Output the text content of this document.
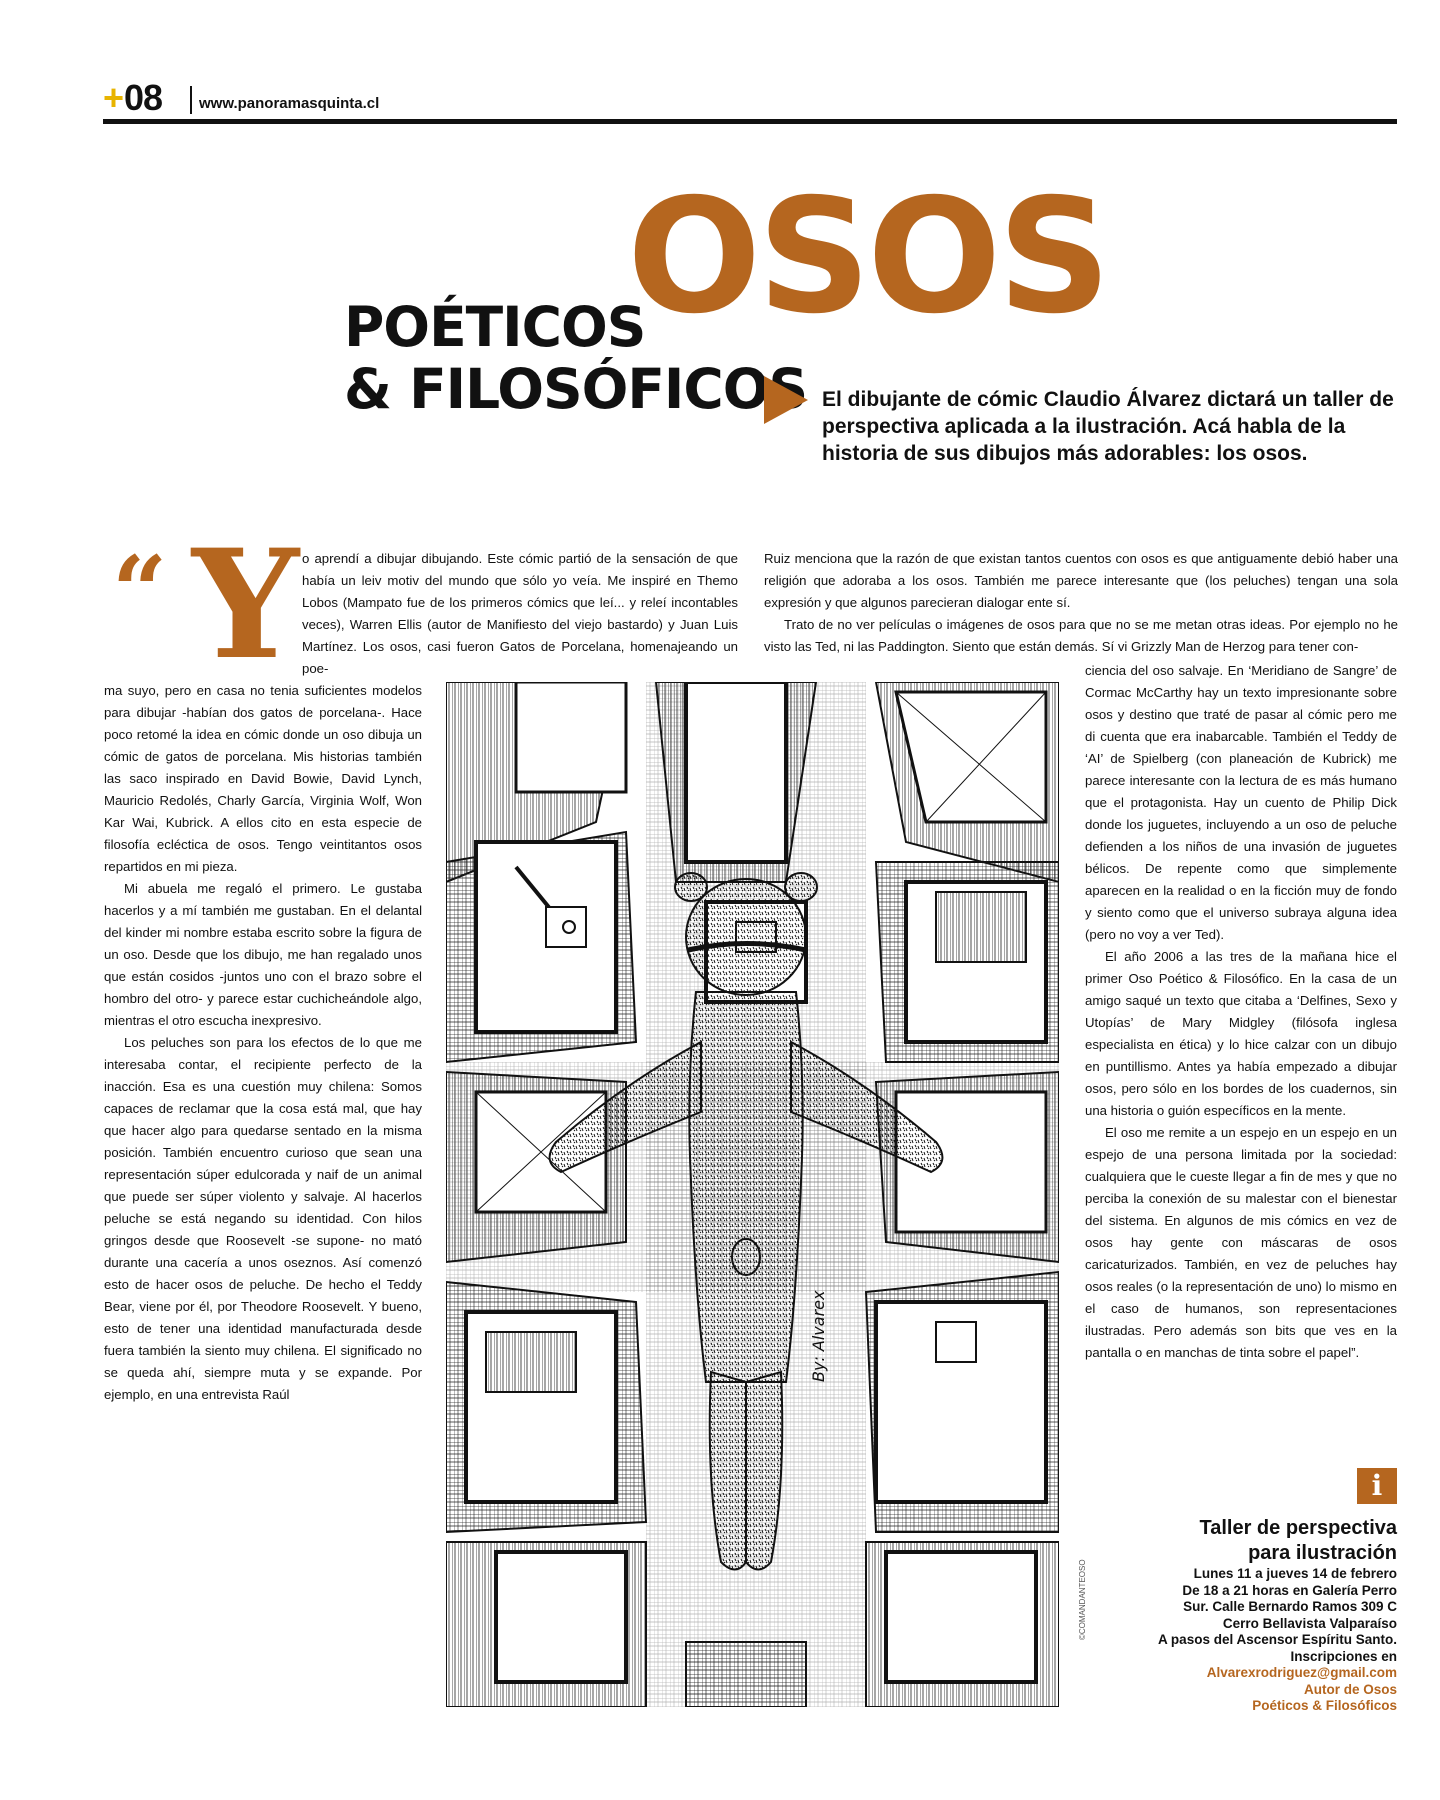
+ 08 www.panoramasquinta.cl
OSOS
POÉTICOS
& FILOSÓFICOS El dibujante de cómic Claudio Álvarez dictará un taller de perspectiva aplicada a la ilustración. Acá habla de la historia de sus dibujos más adorables: los osos.
“ Y o aprendí a dibujar dibujando. Este cómic partió de la sensación de que había un leiv motiv del mundo que sólo yo veía. Me inspiré en Themo Lobos (Mampato fue de los primeros cómics que leí... y releí incontables veces), Warren Ellis (autor de Manifiesto del viejo bastardo) y Juan Luis Martínez. Los osos, casi fueron Gatos de Porcelana, homenajeando un poe-

ma suyo, pero en casa no tenia suficientes modelos para dibujar -habían dos gatos de porcelana-. Hace poco retomé la idea en cómic donde un oso dibuja un cómic de gatos de porcelana. Mis historias también las saco inspirado en David Bowie, David Lynch, Mauricio Redolés, Charly García, Virginia Wolf, Won Kar Wai, Kubrick. A ellos cito en esta especie de filosofía ecléctica de osos. Tengo veintitantos osos repartidos en mi pieza.

Mi abuela me regaló el primero. Le gustaba hacerlos y a mí también me gustaban. En el delantal del kinder mi nombre estaba escrito sobre la figura de un oso. Desde que los dibujo, me han regalado unos que están cosidos -juntos uno con el brazo sobre el hombro del otro- y parece estar cuchicheándole algo, mientras el otro escucha inexpresivo.

Los peluches son para los efectos de lo que me interesaba contar, el recipiente perfecto de la inacción. Esa es una cuestión muy chilena: Somos capaces de reclamar que la cosa está mal, que hay que hacer algo para quedarse sentado en la misma posición. También encuentro curioso que sean una representación súper edulcorada y naif de un animal que puede ser súper violento y salvaje. Al hacerlos peluche se está negando su identidad. Con hilos gringos desde que Roosevelt -se supone- no mató durante una cacería a unos oseznos. Así comenzó esto de hacer osos de peluche. De hecho el Teddy Bear, viene por él, por Theodore Roosevelt. Y bueno, esto de tener una identidad manufacturada desde fuera también la siento muy chilena. El significado no se queda ahí, siempre muta y se expande. Por ejemplo, en una entrevista Raúl

Ruiz menciona que la razón de que existan tantos cuentos con osos es que antiguamente debió haber una religión que adoraba a los osos. También me parece interesante que (los peluches) tengan una sola expresión y que algunos parecieran dialogar ente sí.

Trato de no ver películas o imágenes de osos para que no se me metan otras ideas. Por ejemplo no he visto las Ted, ni las Paddington. Siento que están demás. Sí vi Grizzly Man de Herzog para tener con-

ciencia del oso salvaje. En ‘Meridiano de Sangre’ de Cormac McCarthy hay un texto impresionante sobre osos y destino que traté de pasar al cómic pero me di cuenta que era inabarcable. También el Teddy de ‘AI’ de Spielberg (con planeación de Kubrick) me parece interesante con la lectura de es más humano que el protagonista. Hay un cuento de Philip Dick donde los juguetes, incluyendo a un oso de peluche defienden a los niños de una invasión de juguetes bélicos. De repente como que simplemente aparecen en la realidad o en la ficción muy de fondo y siento como que el universo subraya alguna idea (pero no voy a ver Ted).

El año 2006 a las tres de la mañana hice el primer Oso Poético & Filosófico. En la casa de un amigo saqué un texto que citaba a ‘Delfines, Sexo y Utopías’ de Mary Midgley (filósofa inglesa especialista en ética) y lo hice calzar con un dibujo en puntillismo. Antes ya había empezado a dibujar osos, pero sólo en los bordes de los cuadernos, sin una historia o guión específicos en la mente.

El oso me remite a un espejo en un espejo en un espejo de una persona limitada por la sociedad: cualquiera que le cueste llegar a fin de mes y que no perciba la conexión de su malestar con el bienestar del sistema. En algunos de mis cómics en vez de osos hay gente con máscaras de osos caricaturizados. También, en vez de peluches hay osos reales (o la representación de uno) lo mismo en el caso de humanos, son representaciones ilustradas. Pero además son bits que ves en la pantalla o en manchas de tinta sobre el papel”.

By: Alvarex
©COMANDANTEOSO
i
Taller de perspectiva
para ilustración
Lunes 11 a jueves 14 de febrero
De 18 a 21 horas en Galería Perro
Sur. Calle Bernardo Ramos 309 C
Cerro Bellavista Valparaíso
A pasos del Ascensor Espíritu Santo.
Inscripciones en
Alvarexrodriguez@gmail.com
Autor de Osos
Poéticos & Filosóficos
